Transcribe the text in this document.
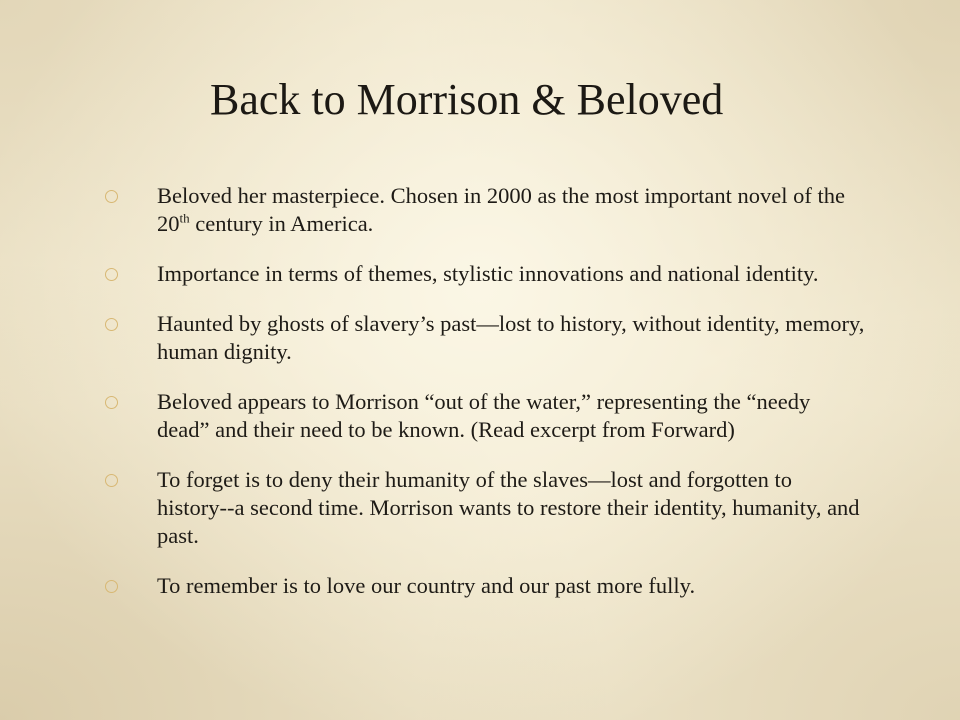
Back to Morrison & Beloved
Beloved her masterpiece. Chosen in 2000 as the most important novel of the 20th century in America.
Importance in terms of themes, stylistic innovations and national identity.
Haunted by ghosts of slavery’s past—lost to history, without identity, memory, human dignity.
Beloved appears to Morrison “out of the water,” representing the “needy dead” and their need to be known. (Read excerpt from Forward)
To forget is to deny their humanity of the slaves—lost and forgotten to history--a second time. Morrison wants to restore their identity, humanity, and past.
To remember is to love our country and our past more fully.
